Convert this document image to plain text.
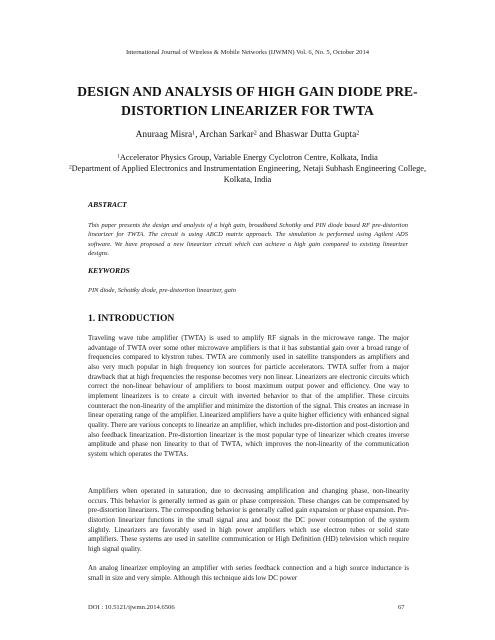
International Journal of Wireless & Mobile Networks (IJWMN) Vol. 6, No. 5, October 2014
DESIGN AND ANALYSIS OF HIGH GAIN DIODE PRE-
DISTORTION LINEARIZER FOR TWTA
Anuraag Misra$^1$, Archan Sarkar$^2$ and Bhaswar Dutta Gupta$^2$
$^1$Accelerator Physics Group, Variable Energy Cyclotron Centre, Kolkata, India
$^2$Department of Applied Electronics and Instrumentation Engineering, Netaji Subhash Engineering College, Kolkata, India
ABSTRACT
This paper presents the design and analysis of a high gain, broadband Schottky and PIN diode based RF pre-distortion linearizer for TWTA. The circuit is using ABCD matrix approach. The simulation is performed using Agilent ADS software. We have proposed a new linearizer circuit which can achieve a high gain compared to existing linearizer designs.
KEYWORDS
PIN diode, Schottky diode, pre-distortion linearizer, gain
1. INTRODUCTION
Traveling wave tube amplifier (TWTA) is used to amplify RF signals in the microwave range. The major advantage of TWTA over some other microwave amplifiers is that it has substantial gain over a broad range of frequencies compared to klystron tubes. TWTA are commonly used in satellite transponders as amplifiers and also very much popular in high frequency ion sources for particle accelerators. TWTA suffer from a major drawback that at high frequencies the response becomes very non linear. Linearizers are electronic circuits which correct the non-linear behaviour of amplifiers to boost maximum output power and efficiency. One way to implement linearizers is to create a circuit with inverted behavior to that of the amplifier. These circuits counteract the non-linearity of the amplifier and minimize the distortion of the signal. This creates an increase in linear operating range of the amplifier. Linearized amplifiers have a quite higher efficiency with enhanced signal quality. There are various concepts to linearize an amplifier, which includes pre-distortion and post-distortion and also feedback linearization. Pre-distortion linearizer is the most popular type of linearizer which creates inverse amplitude and phase non linearity to that of TWTA, which improves the non-linearity of the communication system which operates the TWTAs.
Amplifiers when operated in saturation, due to decreasing amplification and changing phase, non-linearity occurs. This behavior is generally termed as gain or phase compression. These changes can be compensated by pre-distortion linearizers. The corresponding behavior is generally called gain expansion or phase expansion. Pre-distortion linearizer functions in the small signal area and boost the DC power consumption of the system slightly. Linearizers are favorably used in high power amplifiers which use electron tubes or solid state amplifiers. These systems are used in satellite communication or High Definition (HD) television which require high signal quality.
An analog linearizer employing an amplifier with series feedback connection and a high source inductance is small in size and very simple. Although this technique aids low DC power
DOI : 10.5121/ijwmn.2014.6506	67
